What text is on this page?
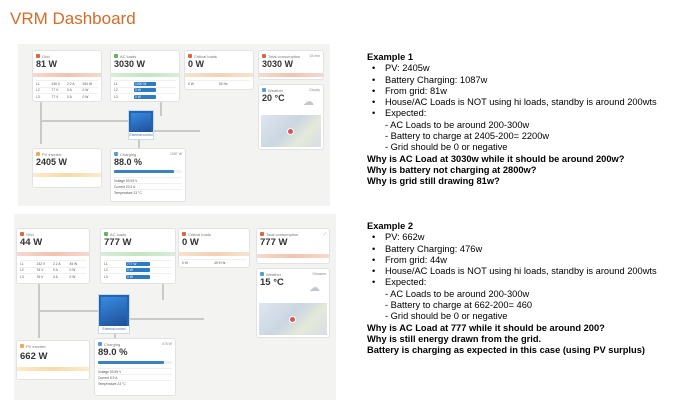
VRM Dashboard
Grid
81 W
L1	240 V	2.2 A	264 W
L2	77 V	0 A	0 W
L3	77 V	0 A	0 W
AC loads
3030 W
L1	1030 W
L2	0 W
L3	0 W
Critical loads
0 W
0 W	50 Hz
Total consumption	15 min
3030 W
Weather	Cloudy
20 °C	☁
External control
PV inverter
2405 W
Charging	1087 W
88.0 %
Voltage 53.93 V
Current 20.2 A
Temperature 23 °C
Grid
44 W
L1	242 V	2.2 A	45 W
L2	76 V	0 A	0 W
L3	76 V	0 A	0 W
AC loads
777 W
L1	777 W
L2	0 W
L3	0 W
Critical loads
0 W
0 W	49.9 Hz
Total consumption	⤢
777 W
Weather	Showers
15 °C	☁
External control
PV inverter
662 W
Charging	476 W
89.0 %
Voltage 53.59 V
Current 8.9 A
Temperature 23 °C
Example 1
• PV: 2405w
• Battery Charging: 1087w
• From grid: 81w
• House/AC Loads is NOT using hi loads, standby is around 200wts
• Expected:
- AC Loads to be around 200-300w
- Battery to charge at 2405-200= 2200w
- Grid should be 0 or negative
Why is AC Load at 3030w while it should be around 200w?
Why is battery not charging at 2800w?
Why is grid still drawing 81w?
Example 2
• PV: 662w
• Battery Charging: 476w
• From grid: 44w
• House/AC Loads is NOT using hi loads, standby is around 200wts
• Expected:
- AC Loads to be around 200-300w
- Battery to charge at 662-200= 460
- Grid should be 0 or negative
Why is AC Load at 777 while it should be around 200?
Why is still energy drawn from the grid.
Battery is charging as expected in this case (using PV surplus)
